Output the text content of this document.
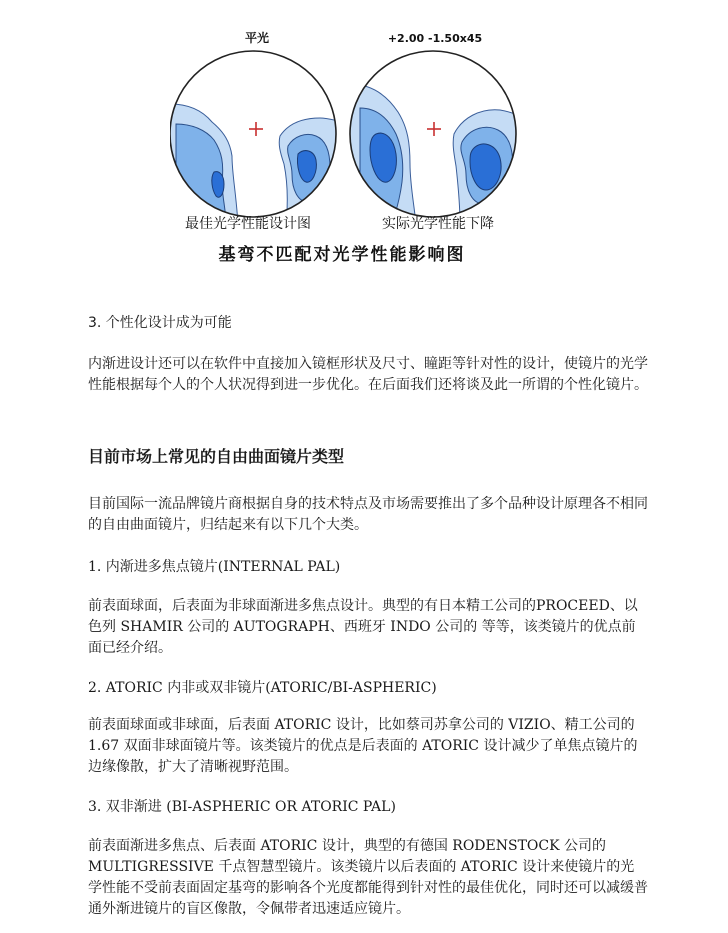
平光	+2.00 -1.50x45
最佳光学性能设计图	实际光学性能下降
基弯不匹配对光学性能影响图

3. 个性化设计成为可能

内渐进设计还可以在软件中直接加入镜框形状及尺寸、瞳距等针对性的设计，使镜片的光学性能根据每个人的个人状况得到进一步优化。在后面我们还将谈及此一所谓的个性化镜片。

目前市场上常见的自由曲面镜片类型

目前国际一流品牌镜片商根据自身的技术特点及市场需要推出了多个品种设计原理各不相同的自由曲面镜片，归结起来有以下几个大类。

1. 内渐进多焦点镜片(INTERNAL PAL)

前表面球面，后表面为非球面渐进多焦点设计。典型的有日本精工公司的PROCEED、以色列 SHAMIR 公司的 AUTOGRAPH、西班牙 INDO 公司的 等等，该类镜片的优点前面已经介绍。

2. ATORIC 内非或双非镜片(ATORIC/BI-ASPHERIC)

前表面球面或非球面，后表面 ATORIC 设计，比如蔡司苏拿公司的 VIZIO、精工公司的 1.67 双面非球面镜片等。该类镜片的优点是后表面的 ATORIC 设计减少了单焦点镜片的边缘像散，扩大了清晰视野范围。

3. 双非渐进 (BI-ASPHERIC OR ATORIC PAL)

前表面渐进多焦点、后表面 ATORIC 设计，典型的有德国 RODENSTOCK 公司的MULTIGRESSIVE 千点智慧型镜片。该类镜片以后表面的 ATORIC 设计来使镜片的光学性能不受前表面固定基弯的影响各个光度都能得到针对性的最佳优化，同时还可以减缓普通外渐进镜片的盲区像散，令佩带者迅速适应镜片。
